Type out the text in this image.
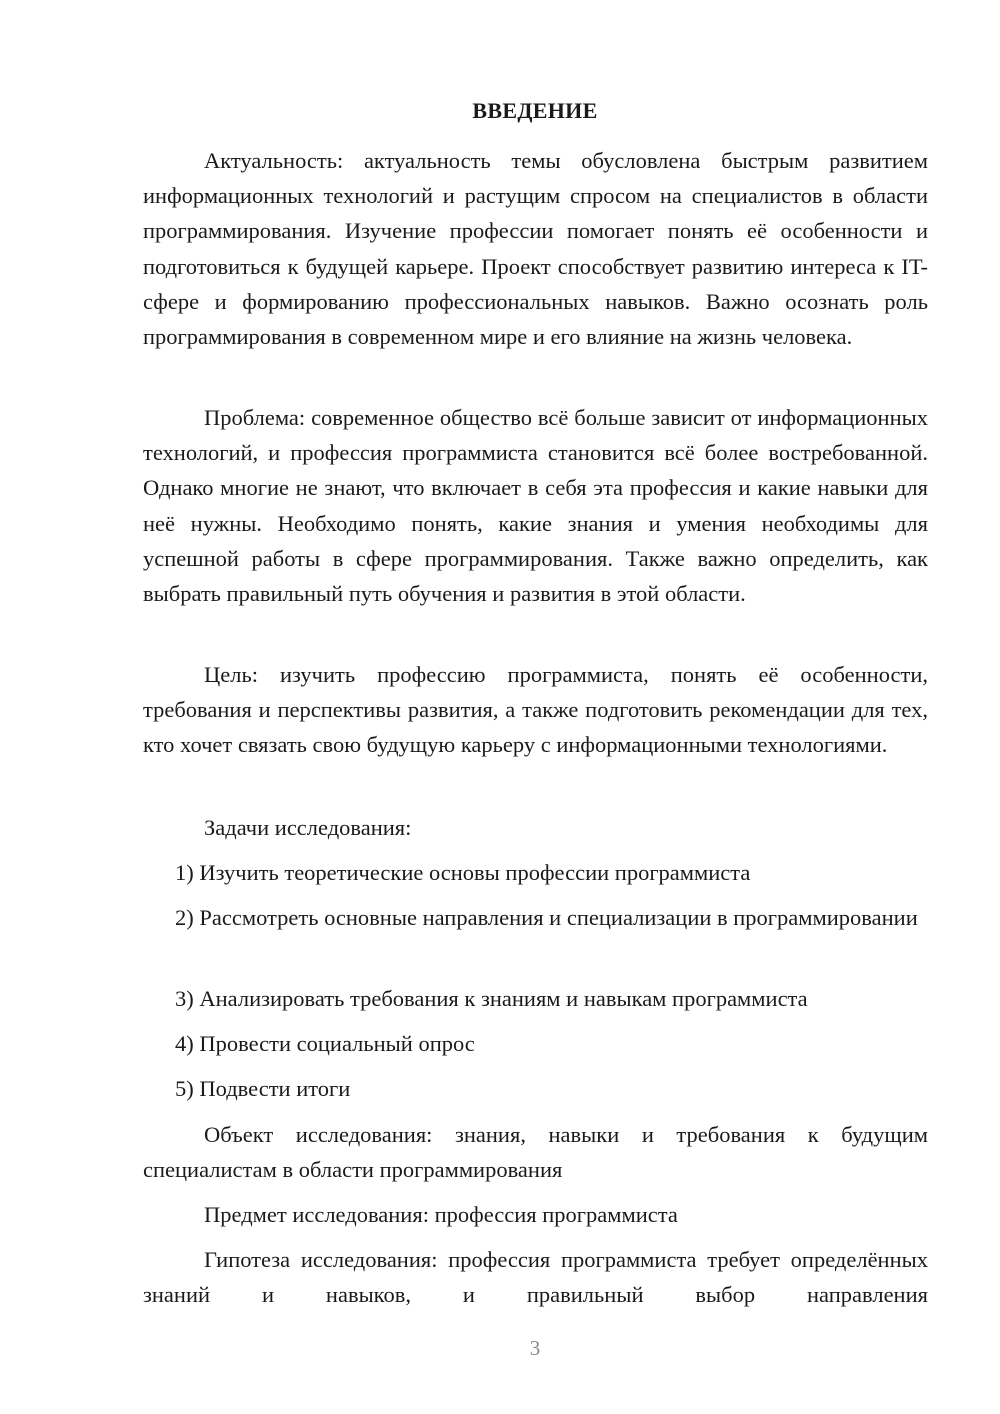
ВВЕДЕНИЕ

Актуальность: актуальность темы обусловлена быстрым развитием информационных технологий и растущим спросом на специалистов в области программирования. Изучение профессии помогает понять её особенности и подготовиться к будущей карьере. Проект способствует развитию интереса к IT-сфере и формированию профессиональных навыков. Важно осознать роль программирования в современном мире и его влияние на жизнь человека.

Проблема: современное общество всё больше зависит от информационных технологий, и профессия программиста становится всё более востребованной. Однако многие не знают, что включает в себя эта профессия и какие навыки для неё нужны. Необходимо понять, какие знания и умения необходимы для успешной работы в сфере программирования. Также важно определить, как выбрать правильный путь обучения и развития в этой области.

Цель: изучить профессию программиста, понять её особенности, требования и перспективы развития, а также подготовить рекомендации для тех, кто хочет связать свою будущую карьеру с информационными технологиями.

Задачи исследования:

1) Изучить теоретические основы профессии программиста

2) Рассмотреть основные направления и специализации в программировании

3) Анализировать требования к знаниям и навыкам программиста

4) Провести социальный опрос

5) Подвести итоги

Объект исследования: знания, навыки и требования к будущим специалистам в области программирования

Предмет исследования: профессия программиста

Гипотеза исследования: профессия программиста требует определённых знаний и навыков, и правильный выбор направления

3
